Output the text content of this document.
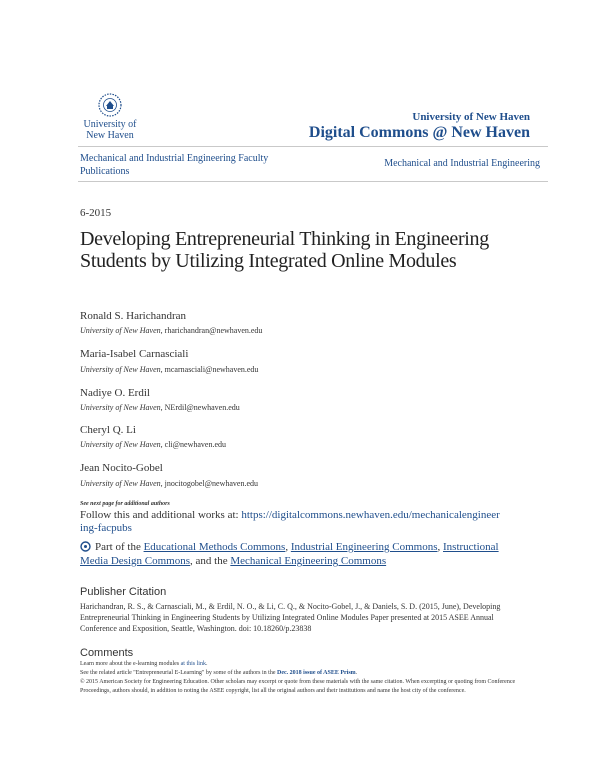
University of
New Haven
University of New Haven
Digital Commons @ New Haven
Mechanical and Industrial Engineering Faculty Publications
Mechanical and Industrial Engineering
6-2015
Developing Entrepreneurial Thinking in Engineering Students by Utilizing Integrated Online Modules
Ronald S. Harichandran
University of New Haven, rharichandran@newhaven.edu
Maria-Isabel Carnasciali
University of New Haven, mcarnasciali@newhaven.edu
Nadiye O. Erdil
University of New Haven, NErdil@newhaven.edu
Cheryl Q. Li
University of New Haven, cli@newhaven.edu
Jean Nocito-Gobel
University of New Haven, jnocitogobel@newhaven.edu
See next page for additional authors
Follow this and additional works at: https://digitalcommons.newhaven.edu/mechanicalengineering-facpubs
Part of the Educational Methods Commons, Industrial Engineering Commons, Instructional Media Design Commons, and the Mechanical Engineering Commons
Publisher Citation
Harichandran, R. S., & Carnasciali, M., & Erdil, N. O., & Li, C. Q., & Nocito-Gobel, J., & Daniels, S. D. (2015, June), Developing Entrepreneurial Thinking in Engineering Students by Utilizing Integrated Online Modules Paper presented at 2015 ASEE Annual Conference and Exposition, Seattle, Washington. doi: 10.18260/p.23838
Comments
Learn more about the e-learning modules at this link.
See the related article "Entrepreneurial E-Learning" by some of the authors in the Dec. 2018 issue of ASEE Prism.
© 2015 American Society for Engineering Education. Other scholars may excerpt or quote from these materials with the same citation. When excerpting or quoting from Conference Proceedings, authors should, in addition to noting the ASEE copyright, list all the original authors and their institutions and name the host city of the conference.
